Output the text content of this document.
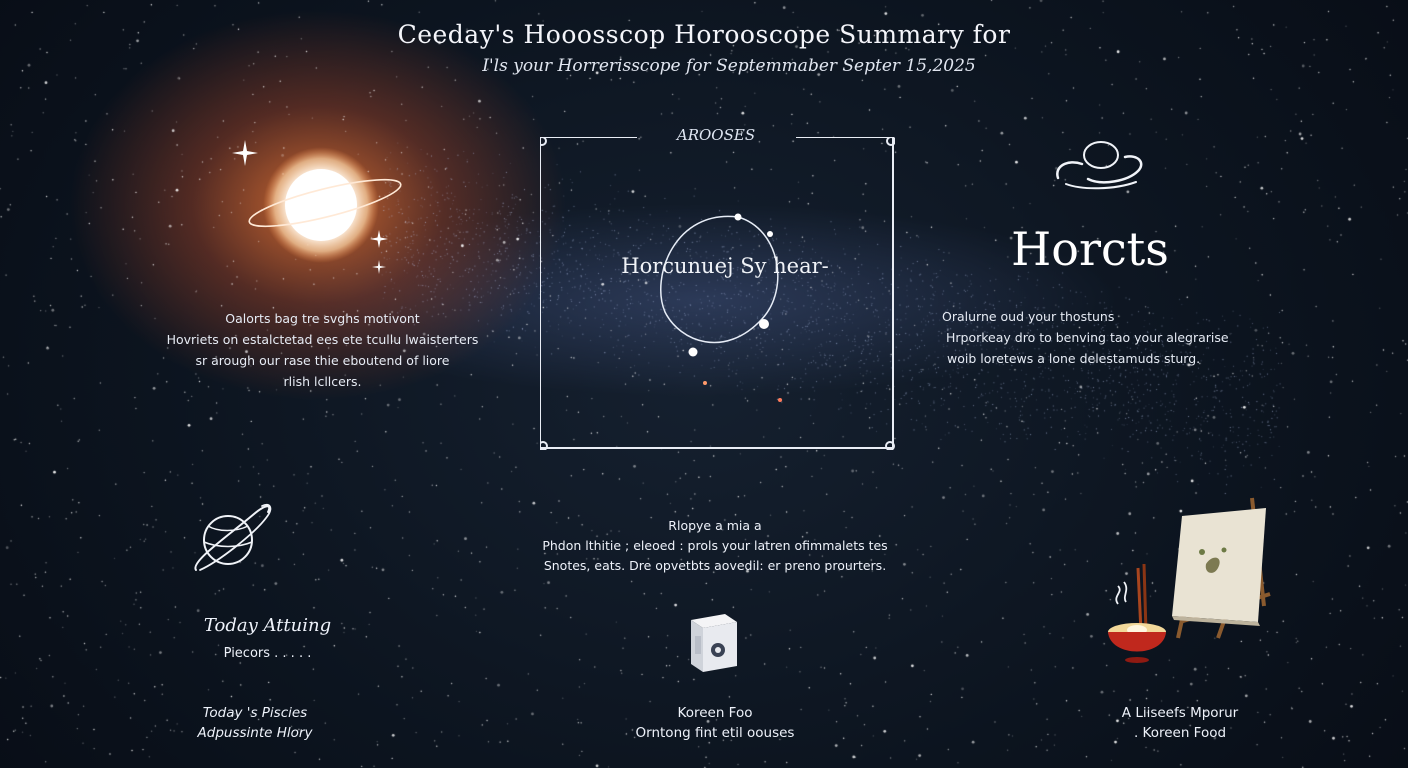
Ceeday's Hooosscop Horooscope Summary for
I'ls your Horrerisscope for Septemmaber Septer 15,2025
Oalorts bag tre svghs motivont
Hovriets on estalctetad ees ete tcullu lwaisterters
sr arough our rase thie eboutend of liore
rlish lcllcers.
AROOSES
Horcunuej Sy hear-	Horcts
Oralurne oud your thostuns
Hrporkeay dro to benving tao your alegrarise
woib loretews a lone delestamuds sturg.
Rlopye a mia a
Phdon lthitie ; eleoed : prols your latren ofimmalets tes
Snotes, eats. Dre opvetbts aovedil: er preno prourters.
Today Attuing
Piecors . . . . .
Today 's Piscies
Adpussinte Hlory
Koreen Foo
Orntong fint etil oouses
A Liiseefs Mporur
. Koreen Food
